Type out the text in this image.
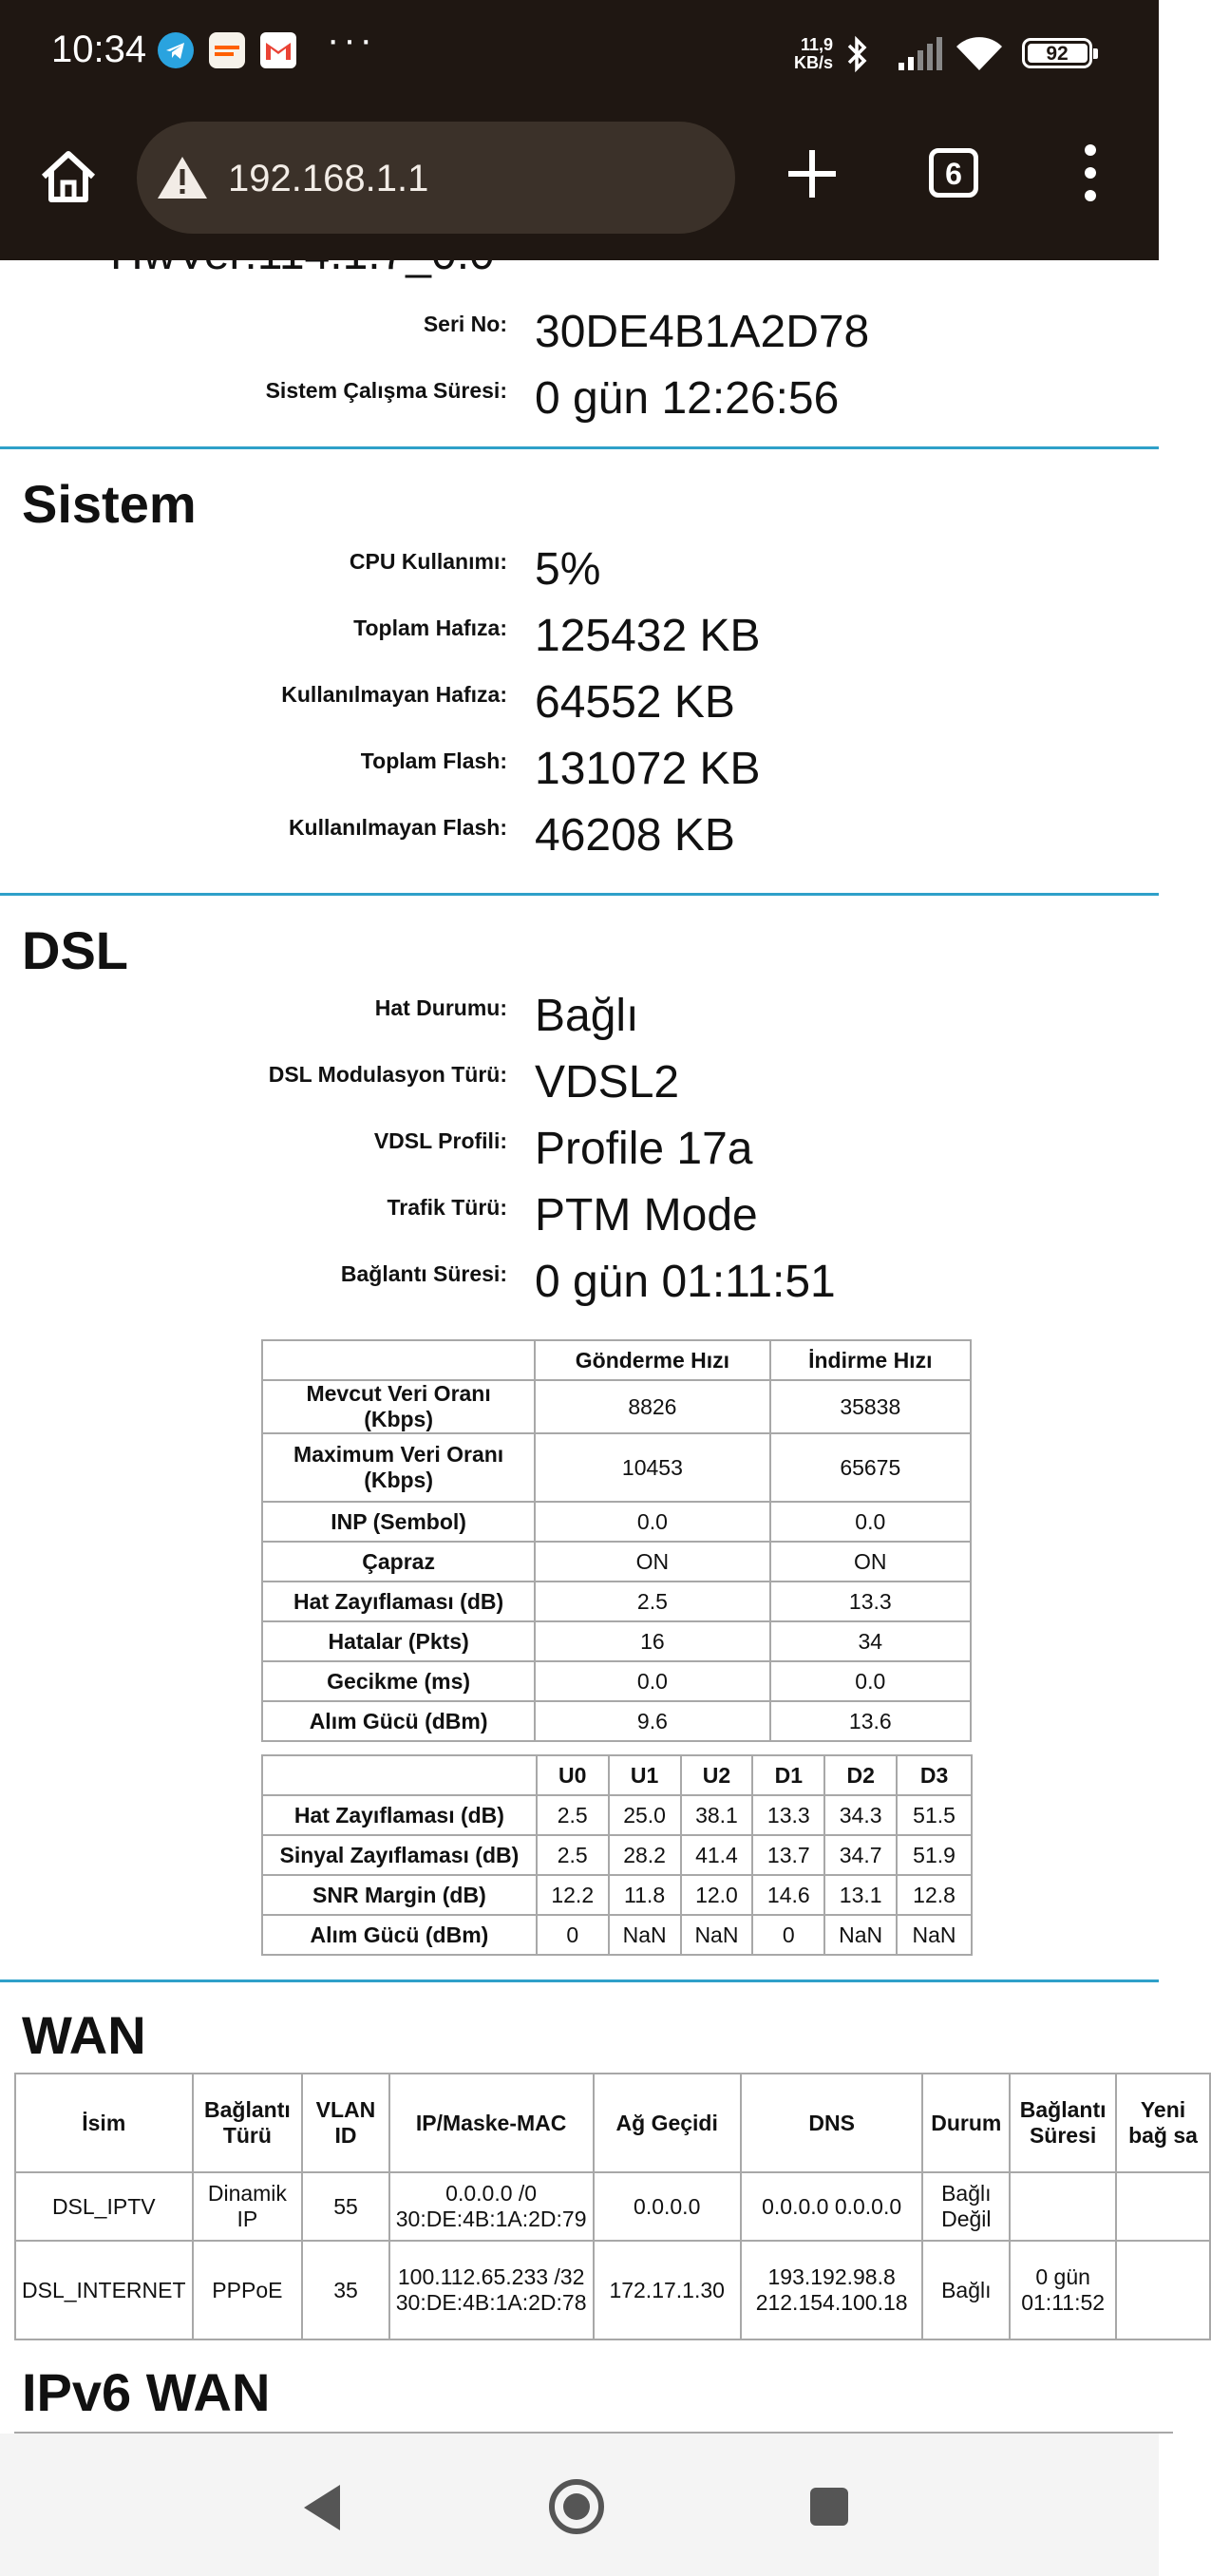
10:34	···	11,9
KB/s	92
192.168.1.1	6
Seri No: 30DE4B1A2D78
Sistem Çalışma Süresi: 0 gün 12:26:56
Sistem
CPU Kullanımı: 5%
Toplam Hafıza: 125432 KB
Kullanılmayan Hafıza: 64552 KB
Toplam Flash: 131072 KB
Kullanılmayan Flash: 46208 KB
DSL
Hat Durumu: Bağlı
DSL Modulasyon Türü: VDSL2
VDSL Profili: Profile 17a
Trafik Türü: PTM Mode
Bağlantı Süresi: 0 gün 01:11:51
	Gönderme Hızı	İndirme Hızı
Mevcut Veri Oranı (Kbps)	8826	35838
Maximum Veri Oranı (Kbps)	10453	65675
INP (Sembol)	0.0	0.0
Çapraz	ON	ON
Hat Zayıflaması (dB)	2.5	13.3
Hatalar (Pkts)	16	34
Gecikme (ms)	0.0	0.0
Alım Gücü (dBm)	9.6	13.6
	U0	U1	U2	D1	D2	D3
Hat Zayıflaması (dB)	2.5	25.0	38.1	13.3	34.3	51.5
Sinyal Zayıflaması (dB)	2.5	28.2	41.4	13.7	34.7	51.9
SNR Margin (dB)	12.2	11.8	12.0	14.6	13.1	12.8
Alım Gücü (dBm)	0	NaN	NaN	0	NaN	NaN
WAN
İsim	Bağlantı Türü	VLAN ID	IP/Maske-MAC	Ağ Geçidi	DNS	Durum	Bağlantı Süresi	Yeni bağ sa
DSL_IPTV	Dinamik IP	55	0.0.0.0 /0 30:DE:4B:1A:2D:79	0.0.0.0	0.0.0.0 0.0.0.0	Bağlı Değil		
DSL_INTERNET	PPPoE	35	100.112.65.233 /32 30:DE:4B:1A:2D:78	172.17.1.30	193.192.98.8 212.154.100.18	Bağlı	0 gün 01:11:52	
IPv6 WAN
